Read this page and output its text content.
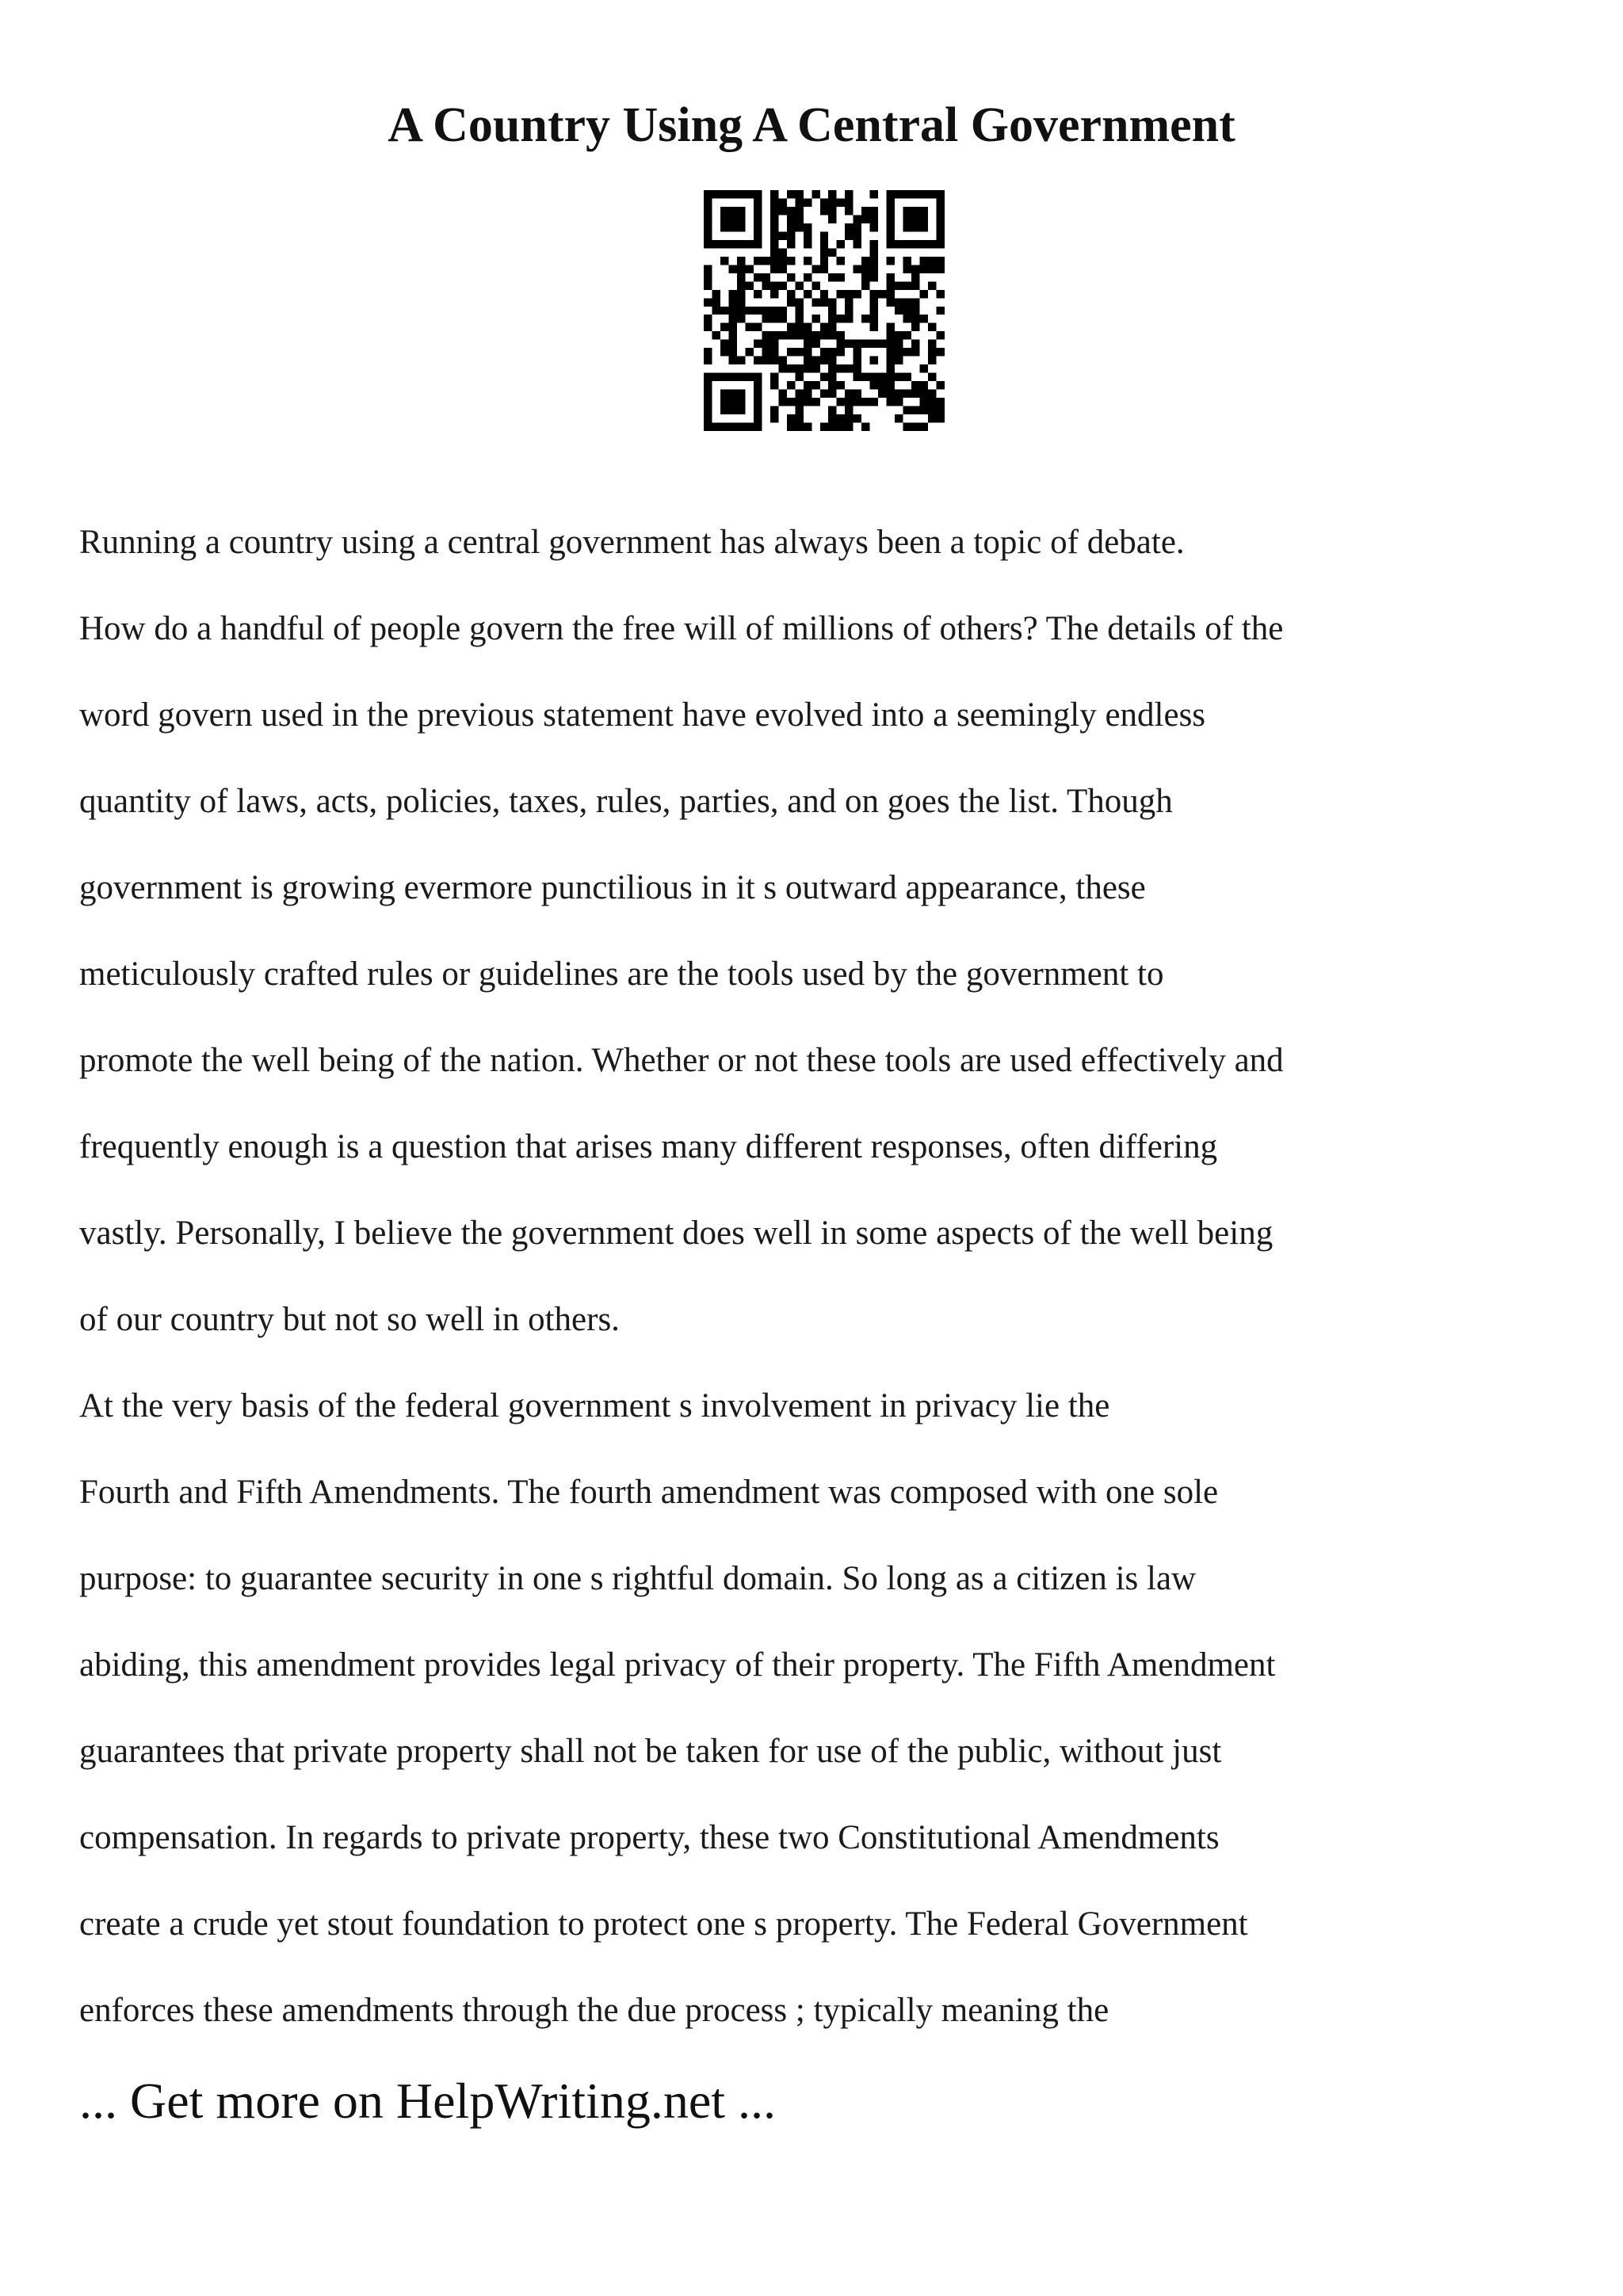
A Country Using A Central Government
Running a country using a central government has always been a topic of debate.
How do a handful of people govern the free will of millions of others? The details of the
word govern used in the previous statement have evolved into a seemingly endless
quantity of laws, acts, policies, taxes, rules, parties, and on goes the list. Though
government is growing evermore punctilious in it s outward appearance, these
meticulously crafted rules or guidelines are the tools used by the government to
promote the well being of the nation. Whether or not these tools are used effectively and
frequently enough is a question that arises many different responses, often differing
vastly. Personally, I believe the government does well in some aspects of the well being
of our country but not so well in others.
At the very basis of the federal government s involvement in privacy lie the
Fourth and Fifth Amendments. The fourth amendment was composed with one sole
purpose: to guarantee security in one s rightful domain. So long as a citizen is law
abiding, this amendment provides legal privacy of their property. The Fifth Amendment
guarantees that private property shall not be taken for use of the public, without just
compensation. In regards to private property, these two Constitutional Amendments
create a crude yet stout foundation to protect one s property. The Federal Government
enforces these amendments through the due process ; typically meaning the
... Get more on HelpWriting.net ...
